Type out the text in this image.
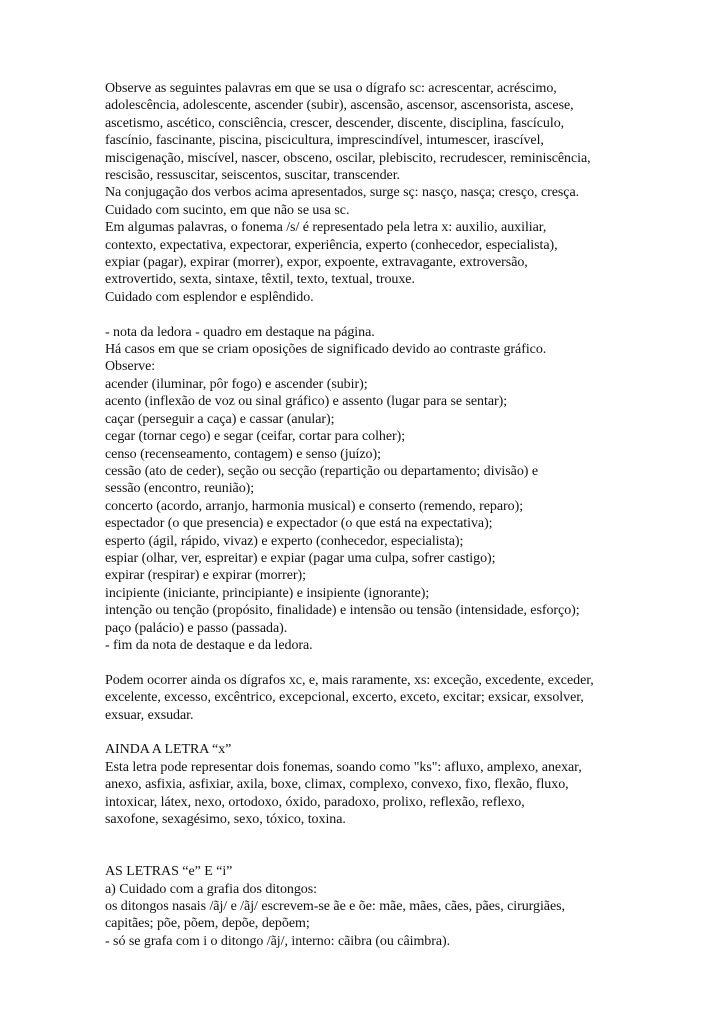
Observe as seguintes palavras em que se usa o dígrafo sc: acrescentar, acréscimo,
adolescência, adolescente, ascender (subir), ascensão, ascensor, ascensorista, ascese,
ascetismo, ascético, consciência, crescer, descender, discente, disciplina, fascículo,
fascínio, fascinante, piscina, piscicultura, imprescindível, intumescer, irascível,
miscigenação, miscível, nascer, obsceno, oscilar, plebiscito, recrudescer, reminiscência,
rescisão, ressuscitar, seiscentos, suscitar, transcender.
Na conjugação dos verbos acima apresentados, surge sç: nasço, nasça; cresço, cresça.
Cuidado com sucinto, em que não se usa sc.
Em algumas palavras, o fonema /s/ é representado pela letra x: auxilio, auxiliar,
contexto, expectativa, expectorar, experiência, experto (conhecedor, especialista),
expiar (pagar), expirar (morrer), expor, expoente, extravagante, extroversão,
extrovertido, sexta, sintaxe, têxtil, texto, textual, trouxe.
Cuidado com esplendor e esplêndido.
- nota da ledora - quadro em destaque na página.
Há casos em que se criam oposições de significado devido ao contraste gráfico.
Observe:
acender (iluminar, pôr fogo) e ascender (subir);
acento (inflexão de voz ou sinal gráfico) e assento (lugar para se sentar);
caçar (perseguir a caça) e cassar (anular);
cegar (tornar cego) e segar (ceifar, cortar para colher);
censo (recenseamento, contagem) e senso (juízo);
cessão (ato de ceder), seção ou secção (repartição ou departamento; divisão) e
sessão (encontro, reunião);
concerto (acordo, arranjo, harmonia musical) e conserto (remendo, reparo);
espectador (o que presencia) e expectador (o que está na expectativa);
esperto (ágil, rápido, vivaz) e experto (conhecedor, especialista);
espiar (olhar, ver, espreitar) e expiar (pagar uma culpa, sofrer castigo);
expirar (respirar) e expirar (morrer);
incipiente (iniciante, principiante) e insipiente (ignorante);
intenção ou tenção (propósito, finalidade) e intensão ou tensão (intensidade, esforço);
paço (palácio) e passo (passada).
- fim da nota de destaque e da ledora.
Podem ocorrer ainda os dígrafos xc, e, mais raramente, xs: exceção, excedente, exceder,
excelente, excesso, excêntrico, excepcional, excerto, exceto, excitar; exsicar, exsolver,
exsuar, exsudar.
AINDA A LETRA “x”
Esta letra pode representar dois fonemas, soando como "ks": afluxo, amplexo, anexar,
anexo, asfixia, asfixiar, axila, boxe, climax, complexo, convexo, fixo, flexão, fluxo,
intoxicar, látex, nexo, ortodoxo, óxido, paradoxo, prolixo, reflexão, reflexo,
saxofone, sexagésimo, sexo, tóxico, toxina.
AS LETRAS “e” E “i”
a) Cuidado com a grafia dos ditongos:
os ditongos nasais /ãj/ e /ãj/ escrevem-se ãe e õe: mãe, mães, cães, pães, cirurgiães,
capitães; põe, põem, depõe, depõem;
- só se grafa com i o ditongo /ãj/, interno: cãibra (ou câimbra).
